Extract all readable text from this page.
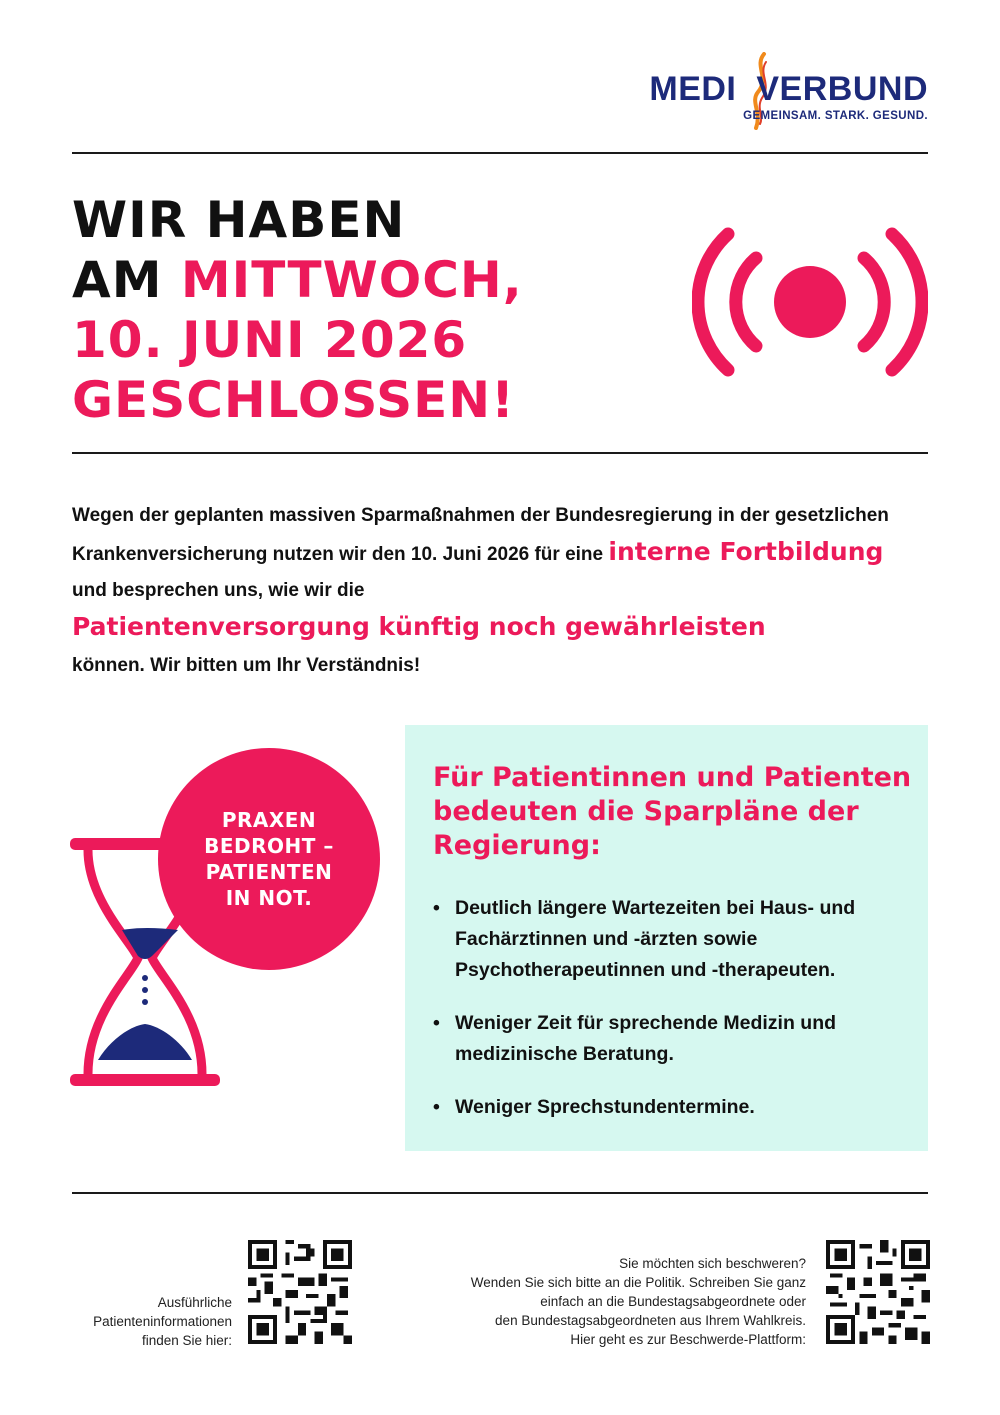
MEDI VERBUND
GEMEINSAM. STARK. GESUND.
WIR HABEN
AM MITTWOCH,
10. JUNI 2026
GESCHLOSSEN!
Wegen der geplanten massiven Sparmaßnahmen der Bundesregierung in der gesetzlichen Krankenversicherung nutzen wir den 10. Juni 2026 für eine interne Fortbildung und besprechen uns, wie wir die
Patientenversorgung künftig noch gewährleisten
können. Wir bitten um Ihr Verständnis!
PRAXEN
BEDROHT –
PATIENTEN
IN NOT.
Für Patientinnen und Patienten bedeuten die Sparpläne der Regierung:
• Deutlich längere Wartezeiten bei Haus- und Fachärztinnen und -ärzten sowie Psychotherapeutinnen und -therapeuten.
• Weniger Zeit für sprechende Medizin und medizinische Beratung.
• Weniger Sprechstundentermine.
Ausführliche
Patienteninformationen
finden Sie hier:
Sie möchten sich beschweren?
Wenden Sie sich bitte an die Politik. Schreiben Sie ganz
einfach an die Bundestagsabgeordnete oder
den Bundestagsabgeordneten aus Ihrem Wahlkreis.
Hier geht es zur Beschwerde-Plattform:
